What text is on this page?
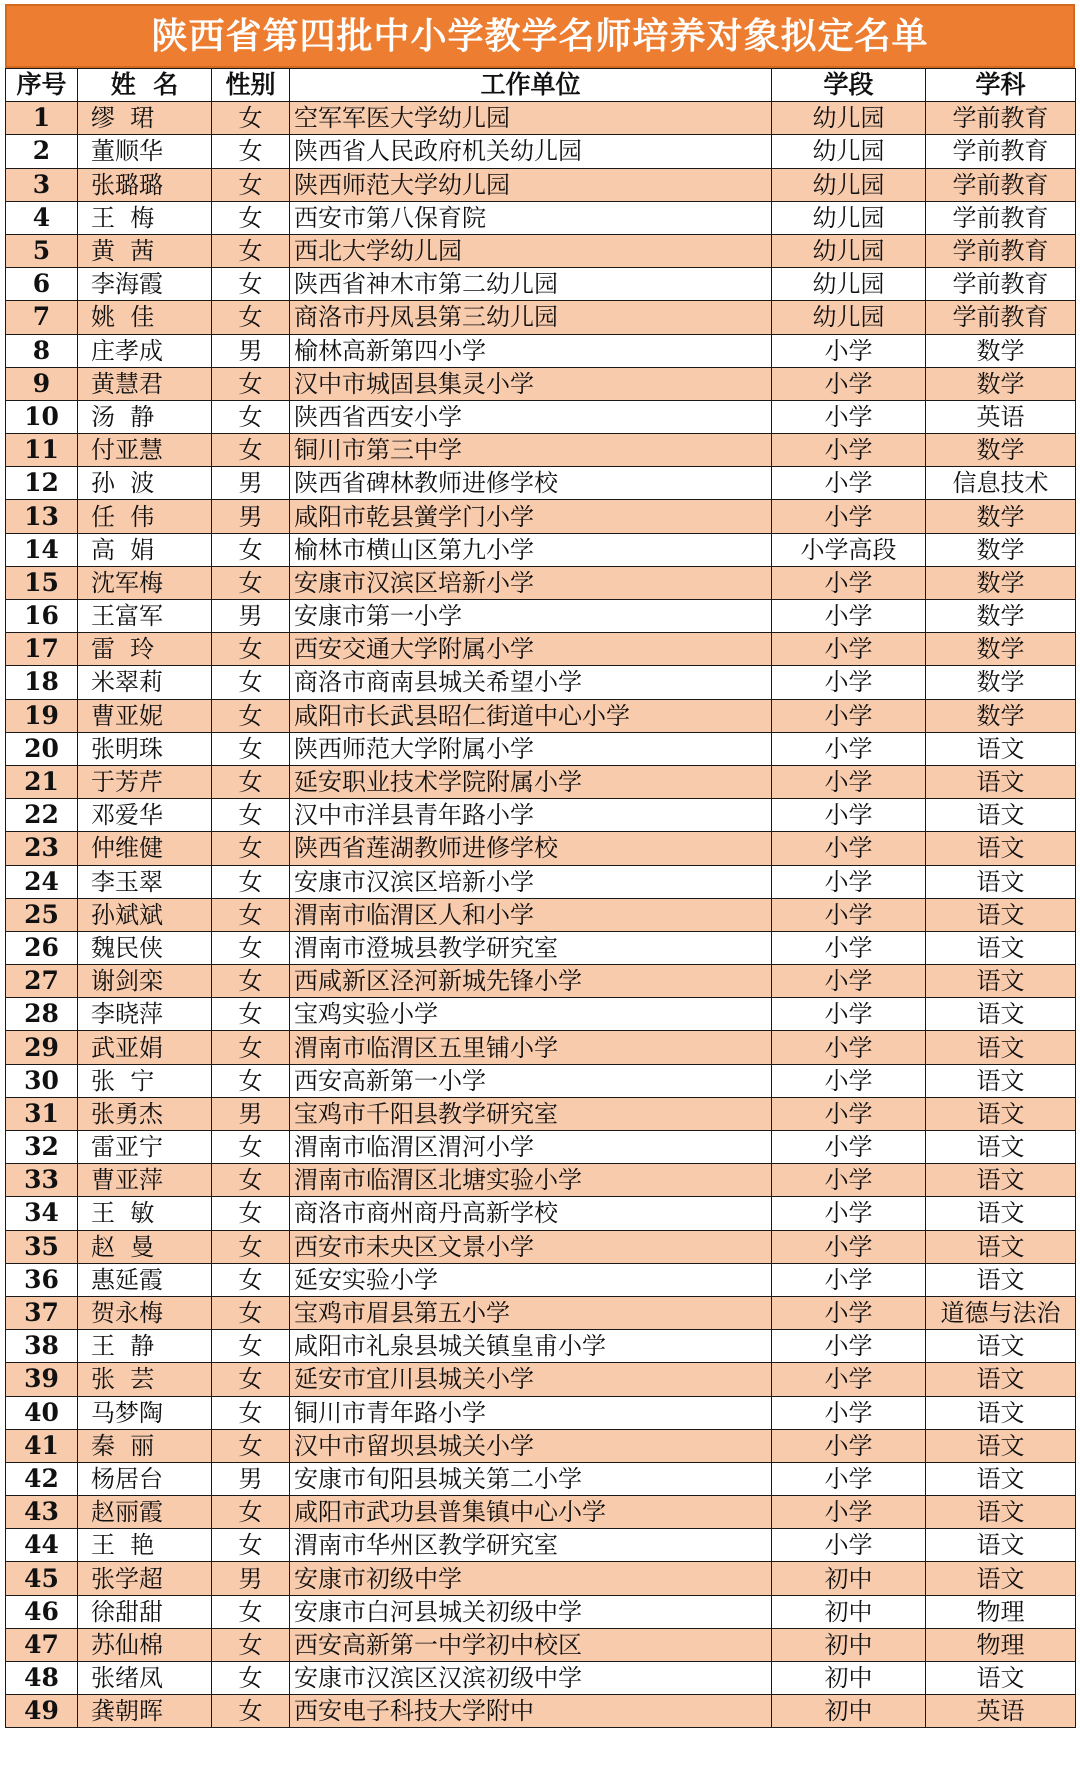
陕西省第四批中小学教学名师培养对象拟定名单
序号	姓  名	性别	工作单位	学段	学科
1	缪  珺	女	空军军医大学幼儿园	幼儿园	学前教育
2	董顺华	女	陕西省人民政府机关幼儿园	幼儿园	学前教育
3	张璐璐	女	陕西师范大学幼儿园	幼儿园	学前教育
4	王  梅	女	西安市第八保育院	幼儿园	学前教育
5	黄  茜	女	西北大学幼儿园	幼儿园	学前教育
6	李海霞	女	陕西省神木市第二幼儿园	幼儿园	学前教育
7	姚  佳	女	商洛市丹凤县第三幼儿园	幼儿园	学前教育
8	庄孝成	男	榆林高新第四小学	小学	数学
9	黄慧君	女	汉中市城固县集灵小学	小学	数学
10	汤  静	女	陕西省西安小学	小学	英语
11	付亚慧	女	铜川市第三中学	小学	数学
12	孙  波	男	陕西省碑林教师进修学校	小学	信息技术
13	任  伟	男	咸阳市乾县黉学门小学	小学	数学
14	高  娟	女	榆林市横山区第九小学	小学高段	数学
15	沈军梅	女	安康市汉滨区培新小学	小学	数学
16	王富军	男	安康市第一小学	小学	数学
17	雷  玲	女	西安交通大学附属小学	小学	数学
18	米翠莉	女	商洛市商南县城关希望小学	小学	数学
19	曹亚妮	女	咸阳市长武县昭仁街道中心小学	小学	数学
20	张明珠	女	陕西师范大学附属小学	小学	语文
21	于芳芹	女	延安职业技术学院附属小学	小学	语文
22	邓爱华	女	汉中市洋县青年路小学	小学	语文
23	仲维健	女	陕西省莲湖教师进修学校	小学	语文
24	李玉翠	女	安康市汉滨区培新小学	小学	语文
25	孙斌斌	女	渭南市临渭区人和小学	小学	语文
26	魏民侠	女	渭南市澄城县教学研究室	小学	语文
27	谢剑栾	女	西咸新区泾河新城先锋小学	小学	语文
28	李晓萍	女	宝鸡实验小学	小学	语文
29	武亚娟	女	渭南市临渭区五里铺小学	小学	语文
30	张  宁	女	西安高新第一小学	小学	语文
31	张勇杰	男	宝鸡市千阳县教学研究室	小学	语文
32	雷亚宁	女	渭南市临渭区渭河小学	小学	语文
33	曹亚萍	女	渭南市临渭区北塘实验小学	小学	语文
34	王  敏	女	商洛市商州商丹高新学校	小学	语文
35	赵  曼	女	西安市未央区文景小学	小学	语文
36	惠延霞	女	延安实验小学	小学	语文
37	贺永梅	女	宝鸡市眉县第五小学	小学	道德与法治
38	王  静	女	咸阳市礼泉县城关镇皇甫小学	小学	语文
39	张  芸	女	延安市宜川县城关小学	小学	语文
40	马梦陶	女	铜川市青年路小学	小学	语文
41	秦  丽	女	汉中市留坝县城关小学	小学	语文
42	杨居台	男	安康市旬阳县城关第二小学	小学	语文
43	赵丽霞	女	咸阳市武功县普集镇中心小学	小学	语文
44	王  艳	女	渭南市华州区教学研究室	小学	语文
45	张学超	男	安康市初级中学	初中	语文
46	徐甜甜	女	安康市白河县城关初级中学	初中	物理
47	苏仙棉	女	西安高新第一中学初中校区	初中	物理
48	张绪凤	女	安康市汉滨区汉滨初级中学	初中	语文
49	龚朝晖	女	西安电子科技大学附中	初中	英语
